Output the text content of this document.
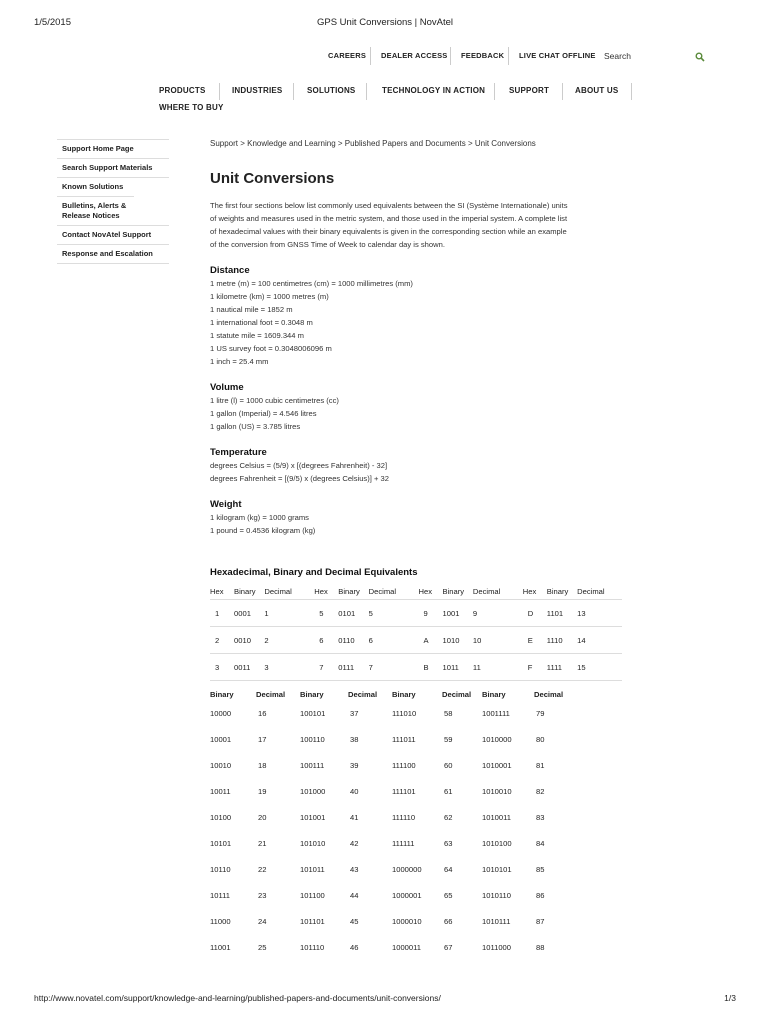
1/5/2015	GPS Unit Conversions | NovAtel
CAREERS DEALER ACCESS FEEDBACK LIVE CHAT OFFLINE Search
PRODUCTS	INDUSTRIES	SOLUTIONS	TECHNOLOGY IN ACTION	SUPPORT	ABOUT US
WHERE TO BUY
Support Home Page
Search Support Materials
Known Solutions
Bulletins, Alerts & Release Notices
Contact NovAtel Support
Response and Escalation
Support > Knowledge and Learning > Published Papers and Documents > Unit Conversions
Unit Conversions

The first four sections below list commonly used equivalents between the SI (Système Internationale) units of weights and measures used in the metric system, and those used in the imperial system. A complete list of hexadecimal values with their binary equivalents is given in the corresponding section while an example of the conversion from GNSS Time of Week to calendar day is shown.

Distance
1 metre (m) = 100 centimetres (cm) = 1000 millimetres (mm)
1 kilometre (km) = 1000 metres (m)
1 nautical mile = 1852 m
1 international foot = 0.3048 m
1 statute mile = 1609.344 m
1 US survey foot = 0.3048006096 m
1 inch = 25.4 mm
Volume
1 litre (l) = 1000 cubic centimetres (cc)
1 gallon (Imperial) = 4.546 litres
1 gallon (US) = 3.785 litres
Temperature
degrees Celsius = (5/9) x [(degrees Fahrenheit) - 32]
degrees Fahrenheit = [(9/5) x (degrees Celsius)] + 32
Weight
1 kilogram (kg) = 1000 grams
1 pound = 0.4536 kilogram (kg)
Hexadecimal, Binary and Decimal Equivalents
Hex	Binary	Decimal	Hex	Binary	Decimal	Hex	Binary	Decimal	Hex	Binary	Decimal
1	0001	1	5	0101	5	9	1001	9	D	1101	13
2	0010	2	6	0110	6	A	1010	10	E	1110	14
3	0011	3	7	0111	7	B	1011	11	F	1111	15
Binary	Decimal	Binary	Decimal	Binary	Decimal	Binary	Decimal
10000	16	100101	37	111010	58	1001111	79
10001	17	100110	38	111011	59	1010000	80
10010	18	100111	39	111100	60	1010001	81
10011	19	101000	40	111101	61	1010010	82
10100	20	101001	41	111110	62	1010011	83
10101	21	101010	42	111111	63	1010100	84
10110	22	101011	43	1000000	64	1010101	85
10111	23	101100	44	1000001	65	1010110	86
11000	24	101101	45	1000010	66	1010111	87
11001	25	101110	46	1000011	67	1011000	88
http://www.novatel.com/support/knowledge-and-learning/published-papers-and-documents/unit-conversions/	1/3
